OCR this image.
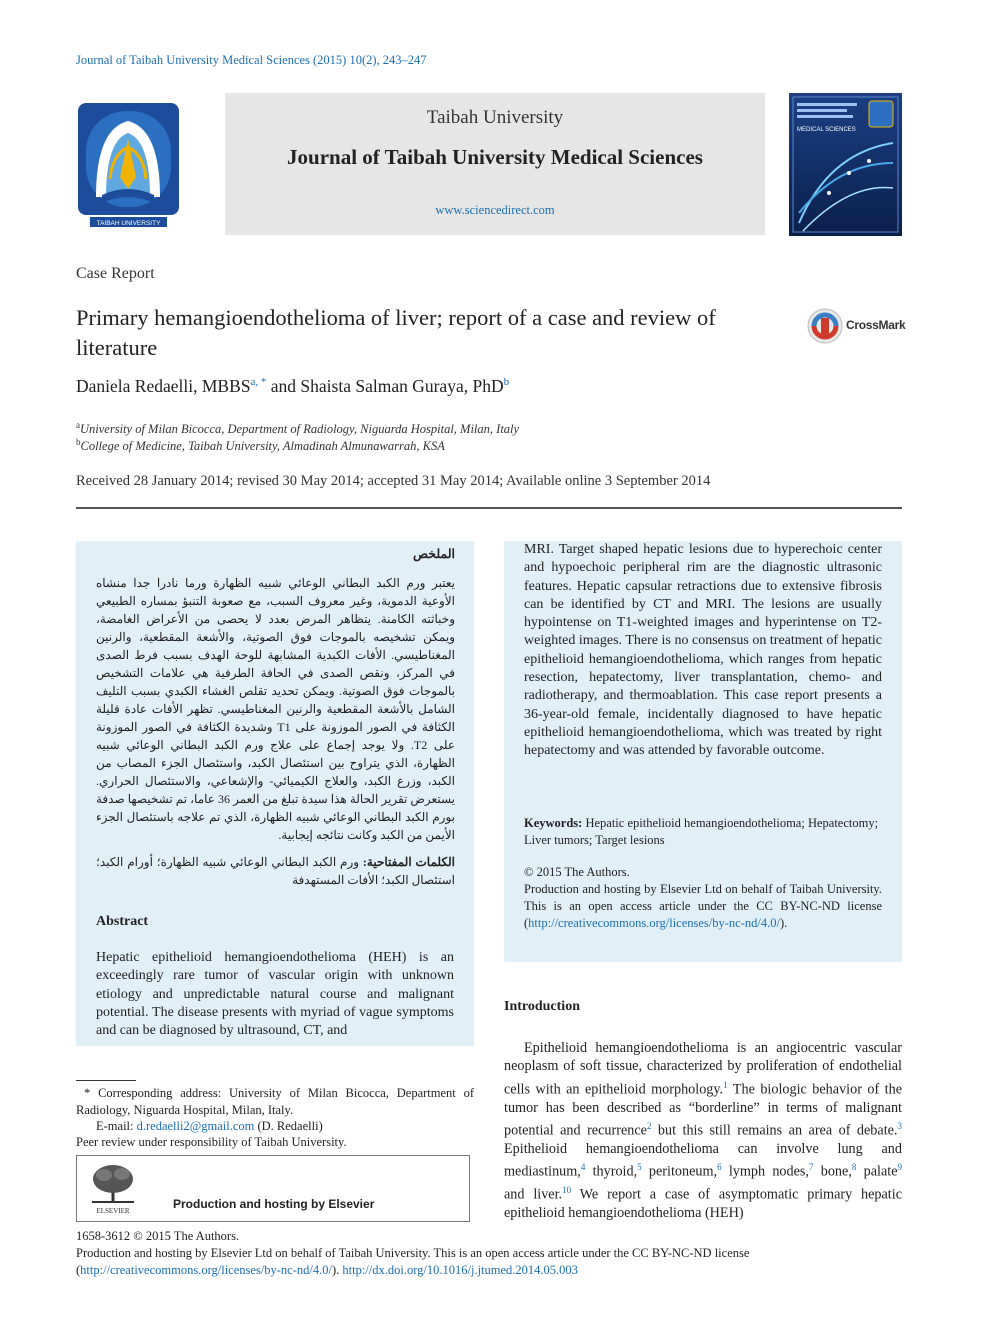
Journal of Taibah University Medical Sciences (2015) 10(2), 243–247
TAIBAH UNIVERSITY
Taibah University
Journal of Taibah University Medical Sciences
www.sciencedirect.com
MEDICAL SCIENCES
Case Report
Primary hemangioendothelioma of liver; report of a case and review of literature
CrossMark
Daniela Redaelli, $MBBS^{a, *}$ and Shaista Salman Guraya, PhD$^b$
$^a$University of Milan Bicocca, Department of Radiology, Niguarda Hospital, Milan, Italy
$^b$College of Medicine, Taibah University, Almadinah Almunawarrah, KSA
Received 28 January 2014; revised 30 May 2014; accepted 31 May 2014; Available online 3 September 2014
الملخص
يعتبر ورم الكبد البطاني الوعائي شبيه الظهارة ورما نادرا جدا منشاه الأوعية الدموية، وغير معروف السبب، مع صعوبة التنبؤ بمساره الطبيعي وخباثته الكامنة. يتظاهر المرض بعدد لا يحصى من الأعراض الغامضة، ويمكن تشخيصه بالموجات فوق الصوتية، والأشعة المقطعية، والرنين المغناطيسي. الأفات الكبدية المشابهة للوحة الهدف بسبب فرط الصدى في المركز، ونقص الصدى في الحافة الطرفية هي علامات التشخيص بالموجات فوق الصوتية. ويمكن تحديد تقلص الغشاء الكبدي بسبب التليف الشامل بالأشعة المقطعية والرنين المغناطيسي. تظهر الأفات عادة قليلة الكثافة في الصور الموزونة على T1 وشديدة الكثافة في الصور الموزونة على T2. ولا يوجد إجماع على علاج ورم الكبد البطاني الوعائي شبيه الظهارة، الذي يتراوح بين استئصال الكبد، واستئصال الجزء المصاب من الكبد، وزرع الكبد، والعلاج الكيميائي- والإشعاعي، والاستئصال الحراري. يستعرض تقرير الحالة هذا سيدة تبلغ من العمر 36 عاما، تم تشخيصها صدفة بورم الكبد البطاني الوعائي شبيه الظهارة، الذي تم علاجه باستئصال الجزء الأيمن من الكبد وكانت نتائجه إيجابية.
الكلمات المفتاحية: ورم الكبد البطاني الوعائي شبيه الظهارة؛ أورام الكبد؛ استئصال الكبد؛ الأفات المستهدفة
Abstract
Hepatic epithelioid hemangioendothelioma (HEH) is an exceedingly rare tumor of vascular origin with unknown etiology and unpredictable natural course and malignant potential. The disease presents with myriad of vague symptoms and can be diagnosed by ultrasound, CT, and
MRI. Target shaped hepatic lesions due to hyperechoic center and hypoechoic peripheral rim are the diagnostic ultrasonic features. Hepatic capsular retractions due to extensive fibrosis can be identified by CT and MRI. The lesions are usually hypointense on T1-weighted images and hyperintense on T2-weighted images. There is no consensus on treatment of hepatic epithelioid hemangioendothelioma, which ranges from hepatic resection, hepatectomy, liver transplantation, chemo- and radiotherapy, and thermoablation. This case report presents a 36-year-old female, incidentally diagnosed to have hepatic epithelioid hemangioendothelioma, which was treated by right hepatectomy and was attended by favorable outcome.
Keywords: Hepatic epithelioid hemangioendothelioma; Hepatectomy; Liver tumors; Target lesions
© 2015 The Authors.
Production and hosting by Elsevier Ltd on behalf of Taibah University. This is an open access article under the CC BY-NC-ND license (http://creativecommons.org/licenses/by-nc-nd/4.0/).
Introduction
Epithelioid hemangioendothelioma is an angiocentric vascular neoplasm of soft tissue, characterized by proliferation of endothelial cells with an epithelioid morphology.$^1$ The biologic behavior of the tumor has been described as “borderline” in terms of malignant potential and recurrence$^2$ but this still remains an area of debate.$^3$ Epithelioid hemangioendothelioma can involve lung and mediastinum,$^4$ thyroid,$^5$ peritoneum,$^6$ lymph nodes,$^7$ bone,$^8$ palate$^9$ and liver.$^{10}$ We report a case of asymptomatic primary hepatic epithelioid hemangioendothelioma (HEH)
* Corresponding address: University of Milan Bicocca, Department of Radiology, Niguarda Hospital, Milan, Italy.
E-mail: d.redaelli2@gmail.com (D. Redaelli)
Peer review under responsibility of Taibah University.
ELSEVIER	Production and hosting by Elsevier
1658-3612 © 2015 The Authors.
Production and hosting by Elsevier Ltd on behalf of Taibah University. This is an open access article under the CC BY-NC-ND license (http://creativecommons.org/licenses/by-nc-nd/4.0/). http://dx.doi.org/10.1016/j.jtumed.2014.05.003
